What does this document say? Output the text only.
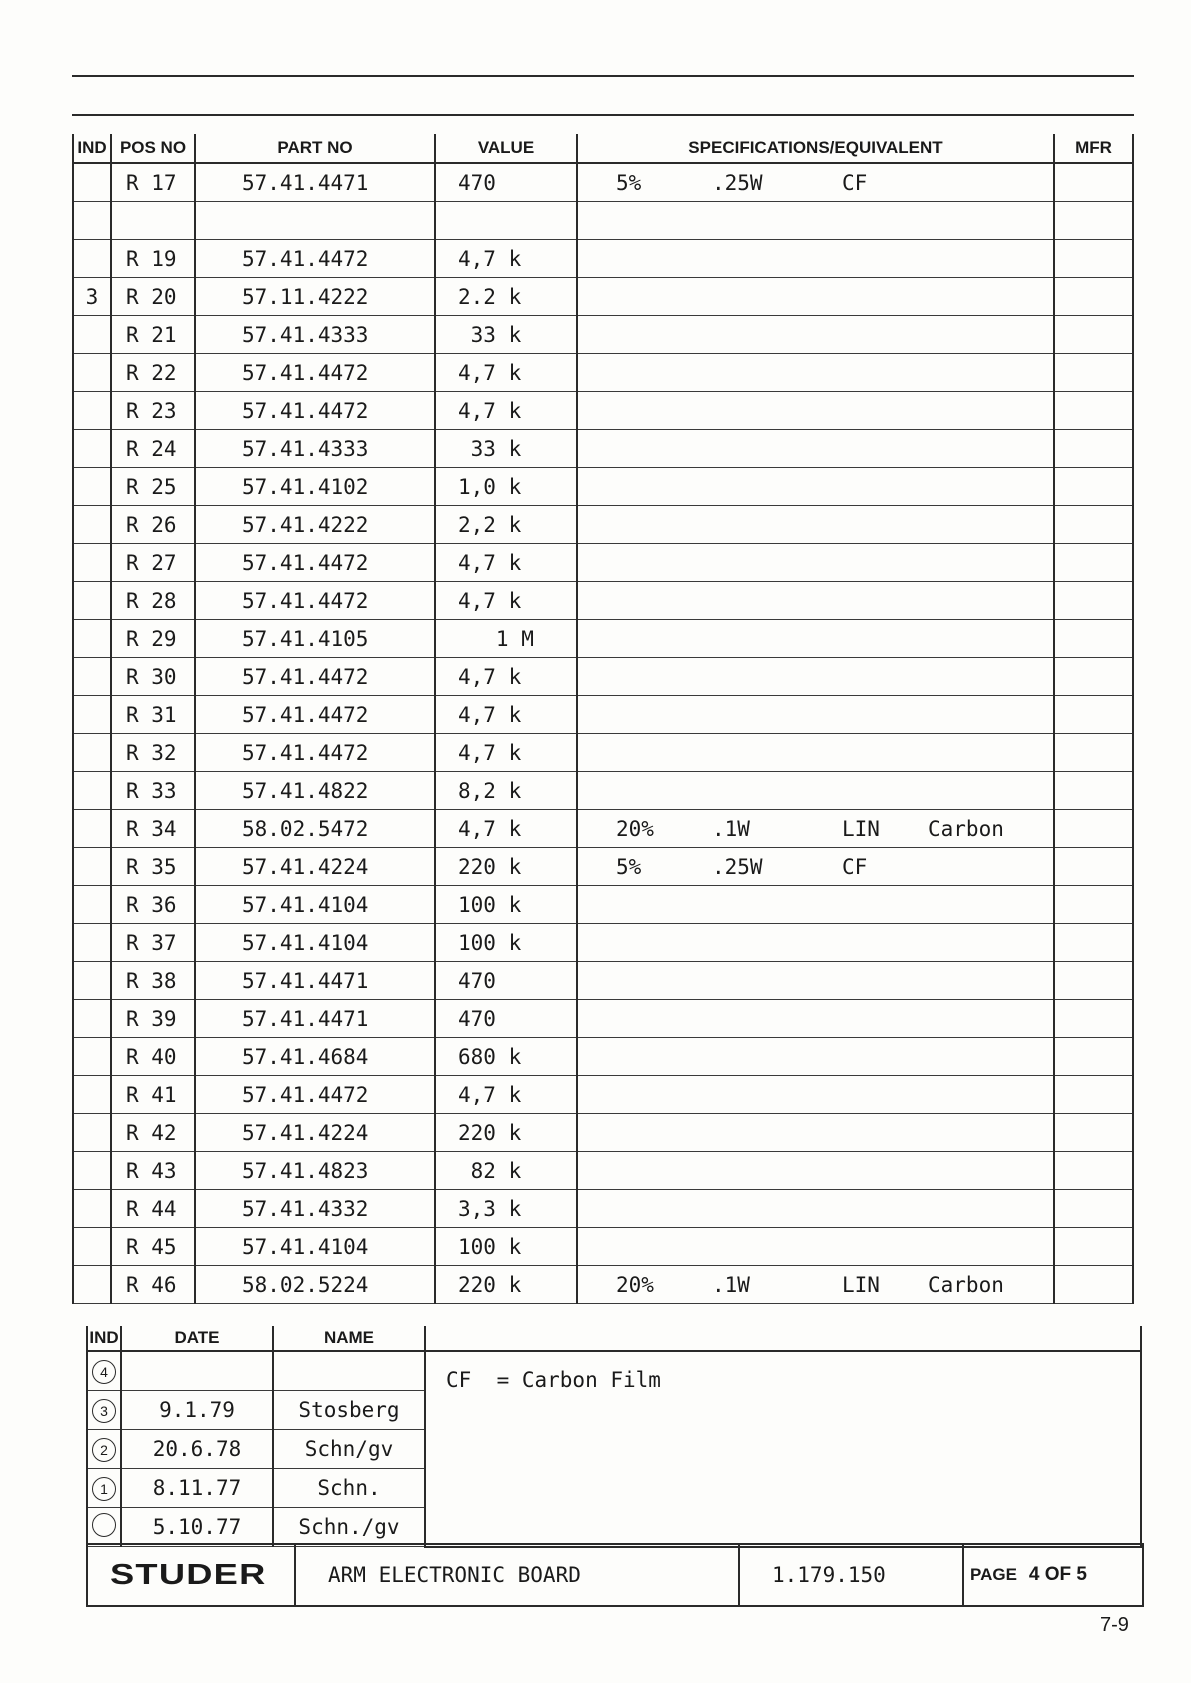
IND	POS NO	PART NO	VALUE	SPECIFICATIONS/EQUIVALENT	MFR
	R 17	57.41.4471	470	5% .25W CF	

	R 19	57.41.4472	4,7 k		
3	R 20	57.11.4222	2.2 k		
	R 21	57.41.4333	33 k		
	R 22	57.41.4472	4,7 k		
	R 23	57.41.4472	4,7 k		
	R 24	57.41.4333	33 k		
	R 25	57.41.4102	1,0 k		
	R 26	57.41.4222	2,2 k		
	R 27	57.41.4472	4,7 k		
	R 28	57.41.4472	4,7 k		
	R 29	57.41.4105	1 M		
	R 30	57.41.4472	4,7 k		
	R 31	57.41.4472	4,7 k		
	R 32	57.41.4472	4,7 k		
	R 33	57.41.4822	8,2 k		
	R 34	58.02.5472	4,7 k	20% .1W LIN Carbon	
	R 35	57.41.4224	220 k	5% .25W CF	
	R 36	57.41.4104	100 k		
	R 37	57.41.4104	100 k		
	R 38	57.41.4471	470		
	R 39	57.41.4471	470		
	R 40	57.41.4684	680 k		
	R 41	57.41.4472	4,7 k		
	R 42	57.41.4224	220 k		
	R 43	57.41.4823	82 k		
	R 44	57.41.4332	3,3 k		
	R 45	57.41.4104	100 k		
	R 46	58.02.5224	220 k	20% .1W LIN Carbon	
IND	DATE	NAME	
4			CF  = Carbon Film
3	9.1.79	Stosberg	
2	20.6.78	Schn/gv	
1	8.11.77	Schn.	
	5.10.77	Schn./gv	
STUDER	ARM ELECTRONIC BOARD	1.179.150	PAGE 4 OF 5
7-9
